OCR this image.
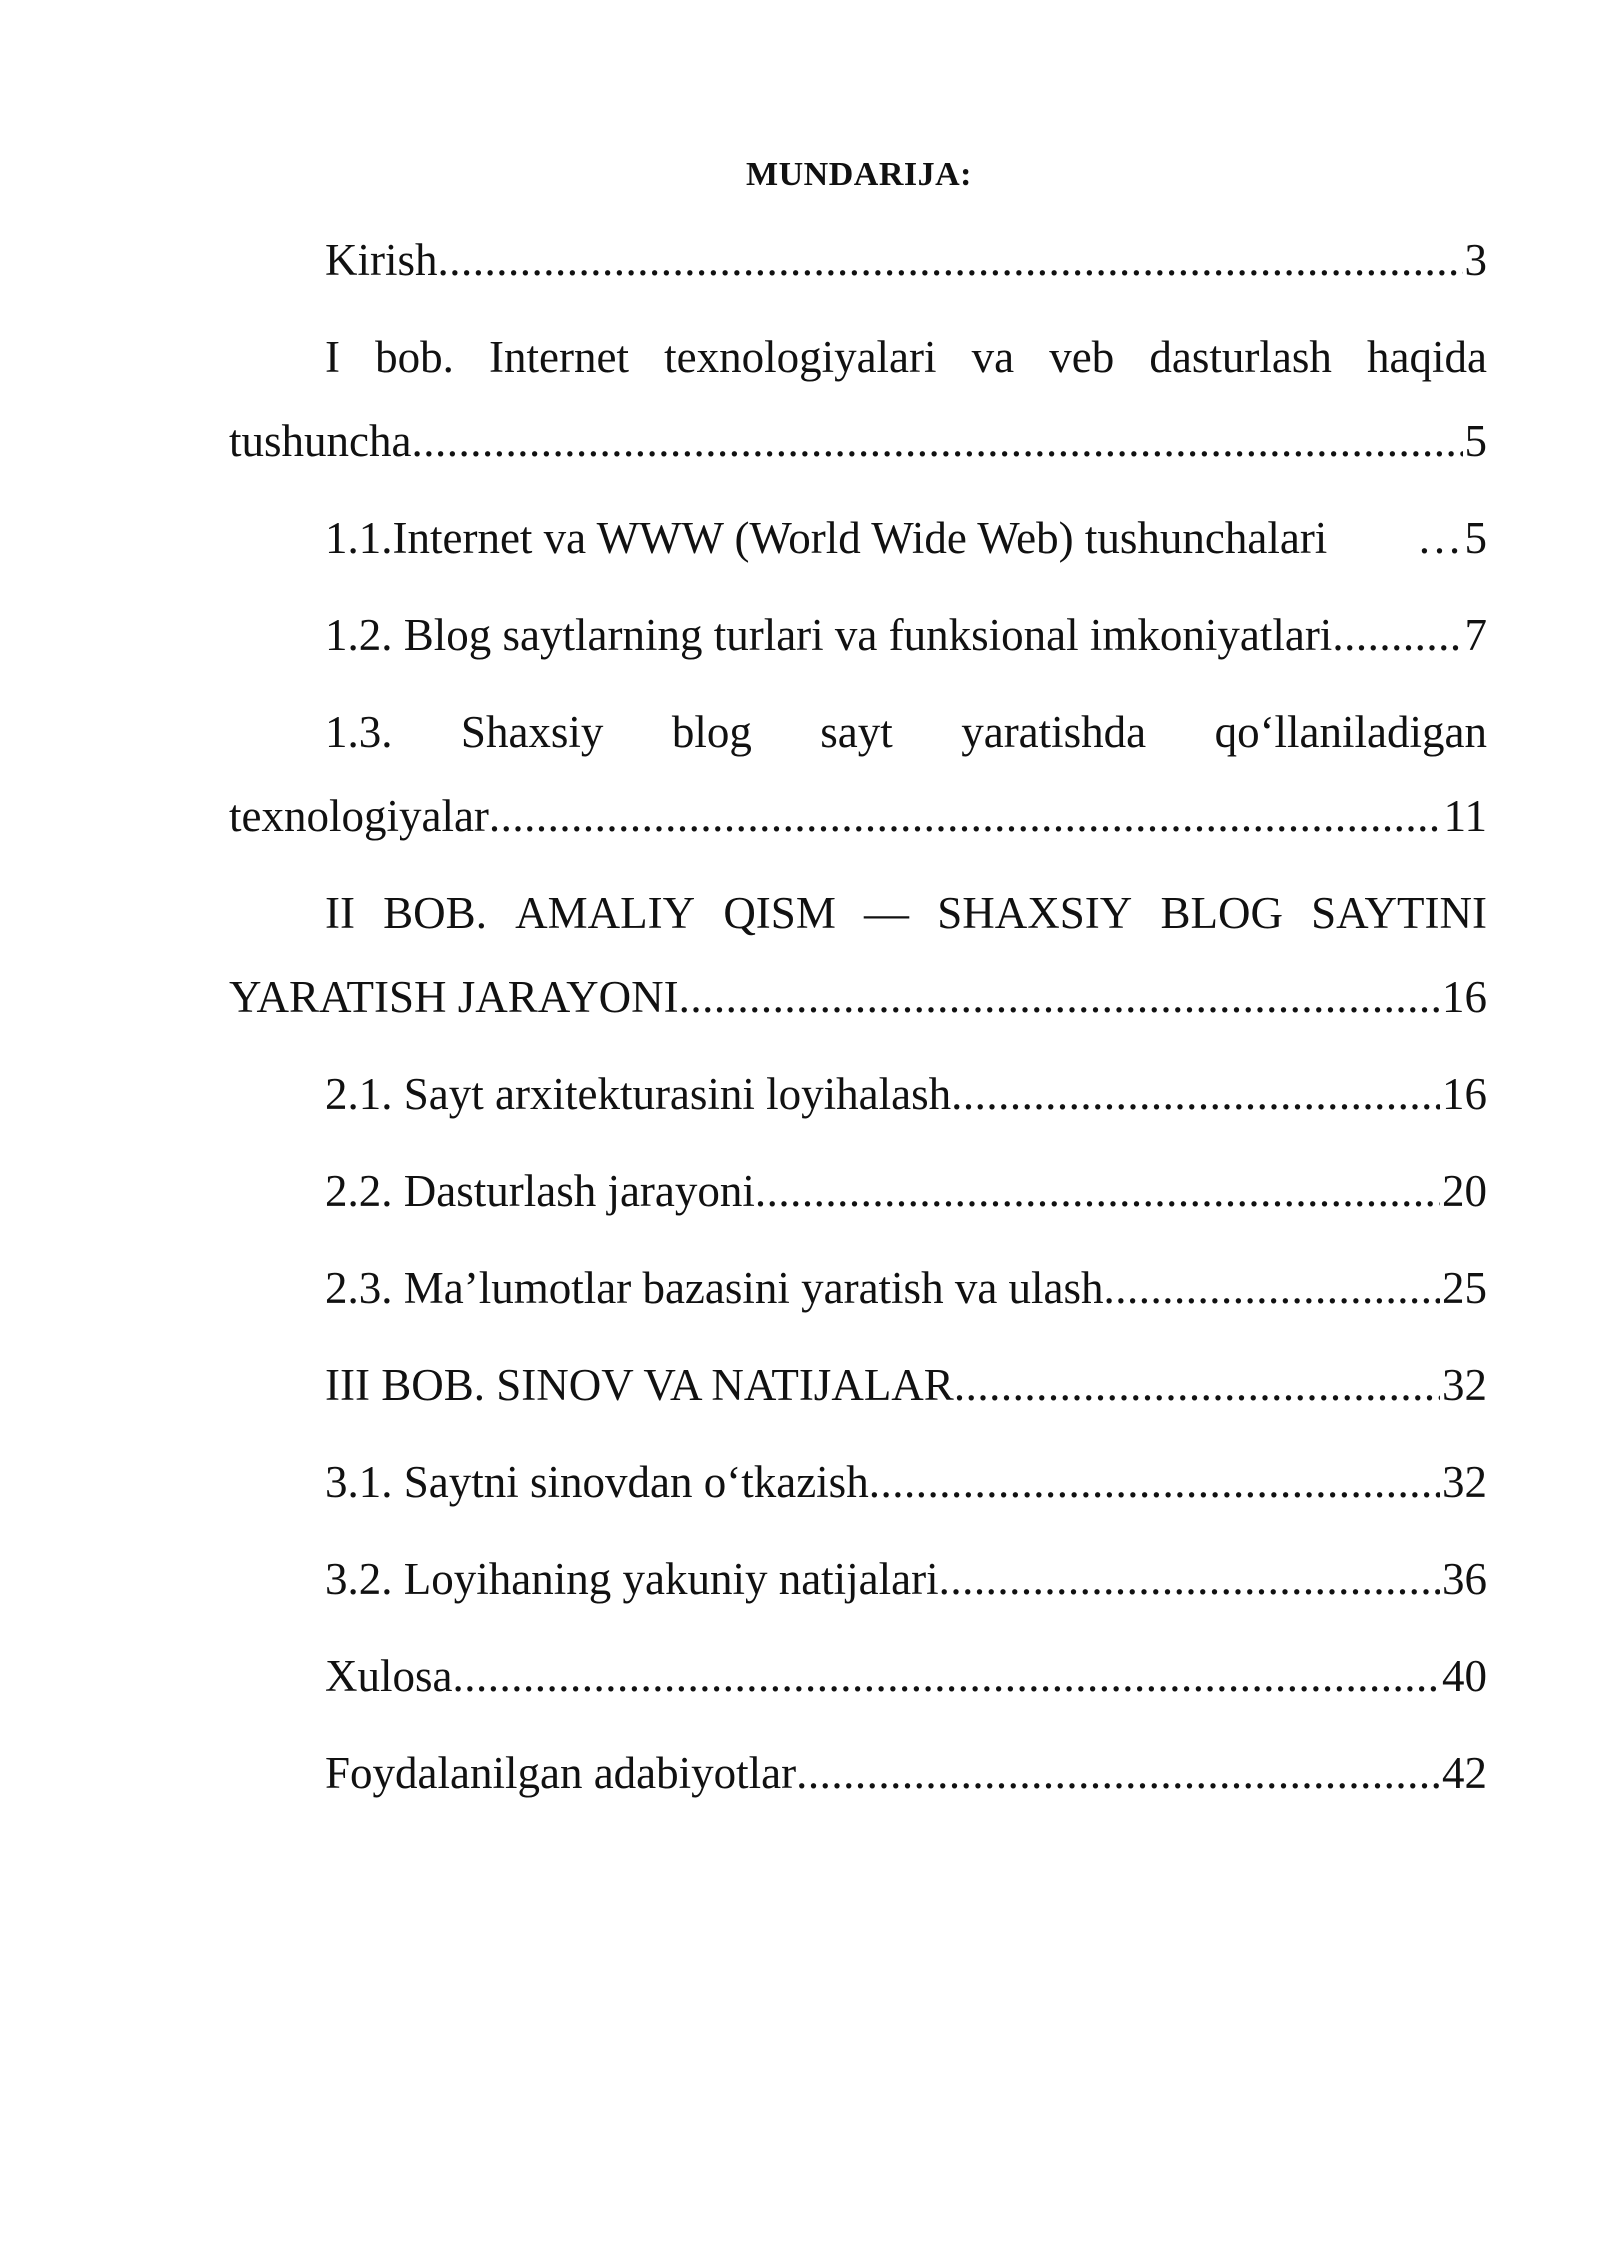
MUNDARIJA:
Kirish .....	3
I bob. Internet texnologiyalari va veb dasturlash haqida
tushuncha .....	5
1.1.Internet va WWW (World Wide Web) tushunchalari …	5
1.2. Blog saytlarning turlari va funksional imkoniyatlari .....	7
1.3. Shaxsiy blog sayt yaratishda qo‘llaniladigan
texnologiyalar .....	11
II BOB. AMALIY QISM — SHAXSIY BLOG SAYTINI
YARATISH JARAYONI .....	16
2.1. Sayt arxitekturasini loyihalash .....	16
2.2. Dasturlash jarayoni .....	20
2.3. Ma’lumotlar bazasini yaratish va ulash .....	25
III BOB. SINOV VA NATIJALAR .....	32
3.1. Saytni sinovdan o‘tkazish .....	32
3.2. Loyihaning yakuniy natijalari .....	36
Xulosa .....	40
Foydalanilgan adabiyotlar .....	42
